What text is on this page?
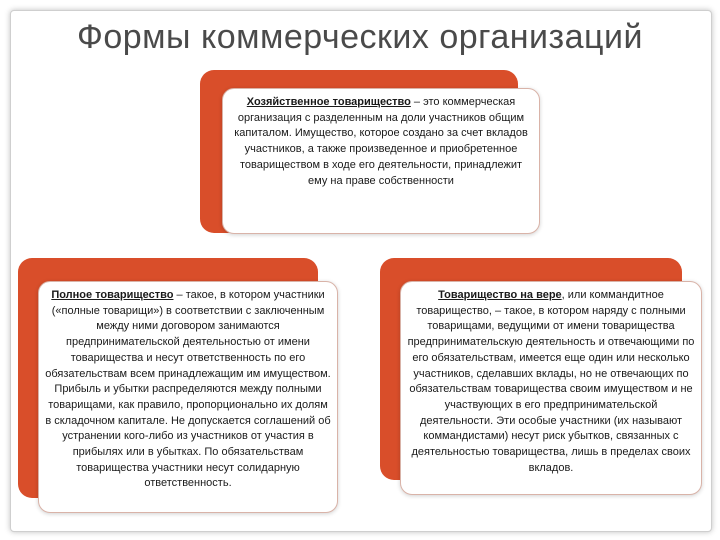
Формы коммерческих организаций
Хозяйственное товарищество – это коммерческая организация с разделенным на доли участников общим капиталом. Имущество, которое создано за счет вкладов участников, а также произведенное и приобретенное товариществом в ходе его деятельности, принадлежит ему на праве собственности
Полное товарищество – такое, в котором участники («полные товарищи») в соответствии с заключенным между ними договором занимаются предпринимательской деятельностью от имени товарищества и несут ответственность по его обязательствам всем принадлежащим им имуществом. Прибыль и убытки распределяются между полными товарищами, как правило, пропорционально их долям в складочном капитале. Не допускается соглашений об устранении кого-либо из участников от участия в прибылях или в убытках. По обязательствам товарищества участники несут солидарную ответственность.
Товарищество на вере, или коммандитное товарищество, – такое, в котором наряду с полными товарищами, ведущими от имени товарищества предпринимательскую деятельность и отвечающими по его обязательствам, имеется еще один или несколько участников, сделавших вклады, но не отвечающих по обязательствам товарищества своим имуществом и не участвующих в его предпринимательской деятельности. Эти особые участники (их называют коммандистами) несут риск убытков, связанных с деятельностью товарищества, лишь в пределах своих вкладов.
